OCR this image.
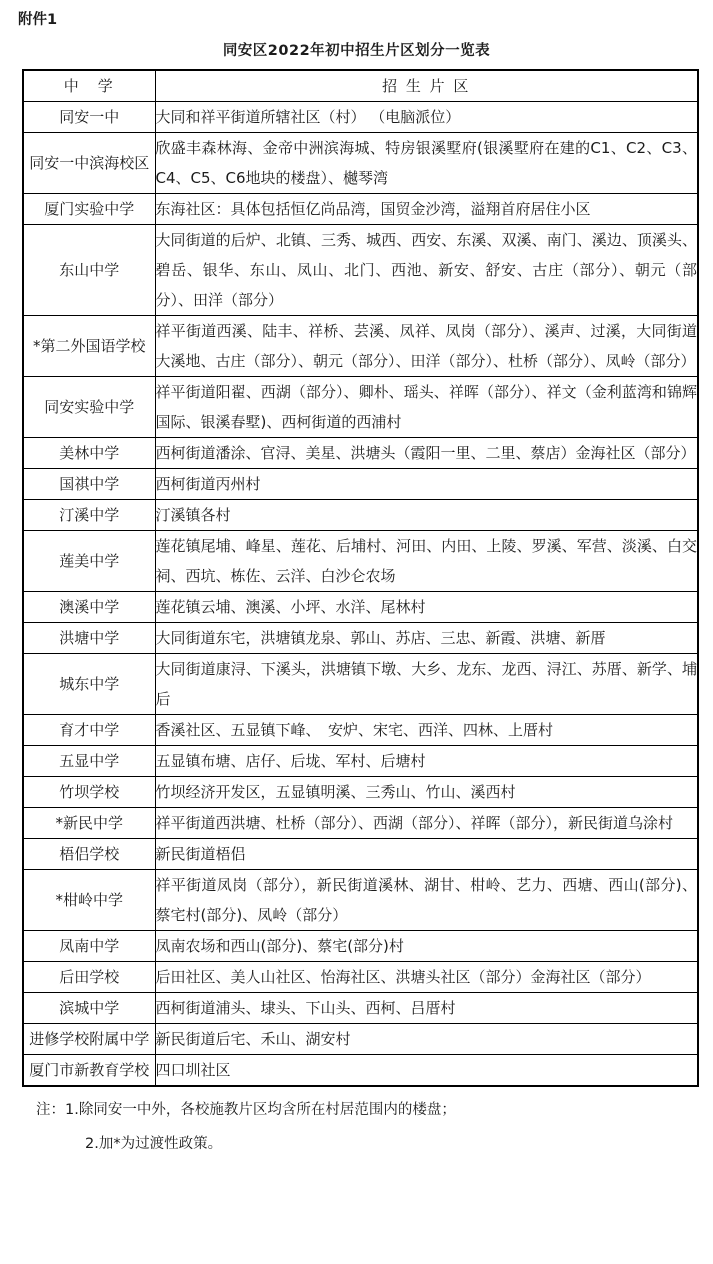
附件1
同安区2022年初中招生片区划分一览表
中　学	招 生 片 区
同安一中	大同和祥平街道所辖社区（村） （电脑派位）
同安一中滨海校区	欣盛丰森林海、金帝中洲滨海城、特房银溪墅府(银溪墅府在建的C1、C2、C3、C4、C5、C6地块的楼盘）、樾琴湾
厦门实验中学	东海社区：具体包括恒亿尚品湾，国贸金沙湾，溢翔首府居住小区
东山中学	大同街道的后炉、北镇、三秀、城西、西安、东溪、双溪、南门、溪边、顶溪头、碧岳、银华、东山、凤山、北门、西池、新安、舒安、古庄（部分）、朝元（部分）、田洋（部分）
*第二外国语学校	祥平街道西溪、陆丰、祥桥、芸溪、凤祥、凤岗（部分）、溪声、过溪，大同街道大溪地、古庄（部分）、朝元（部分）、田洋（部分）、杜桥（部分）、凤岭（部分）
同安实验中学	祥平街道阳翟、西湖（部分）、卿朴、瑶头、祥晖（部分）、祥文（金利蓝湾和锦辉国际、银溪春墅)、西柯街道的西浦村
美林中学	西柯街道潘涂、官浔、美星、洪塘头（霞阳一里、二里、蔡店）金海社区（部分）
国祺中学	西柯街道丙州村
汀溪中学	汀溪镇各村
莲美中学	莲花镇尾埔、峰星、莲花、后埔村、河田、内田、上陵、罗溪、军营、淡溪、白交祠、西坑、栋佐、云洋、白沙仑农场
澳溪中学	莲花镇云埔、澳溪、小坪、水洋、尾林村
洪塘中学	大同街道东宅，洪塘镇龙泉、郭山、苏店、三忠、新霞、洪塘、新厝
城东中学	大同街道康浔、下溪头，洪塘镇下墩、大乡、龙东、龙西、浔江、苏厝、新学、埔后
育才中学	香溪社区、五显镇下峰、　安炉、宋宅、西洋、四林、上厝村
五显中学	五显镇布塘、店仔、后垅、军村、后塘村
竹坝学校	竹坝经济开发区，五显镇明溪、三秀山、竹山、溪西村
*新民中学	祥平街道西洪塘、杜桥（部分）、西湖（部分）、祥晖（部分），新民街道乌涂村
梧侣学校	新民街道梧侣
*柑岭中学	祥平街道凤岗（部分），新民街道溪林、湖甘、柑岭、艺力、西塘、西山(部分)、蔡宅村(部分)、凤岭（部分）
凤南中学	凤南农场和西山(部分)、蔡宅(部分)村
后田学校	后田社区、美人山社区、怡海社区、洪塘头社区（部分）金海社区（部分）
滨城中学	西柯街道浦头、埭头、下山头、西柯、吕厝村
进修学校附属中学	新民街道后宅、禾山、湖安村
厦门市新教育学校	四口圳社区
注：1.除同安一中外，各校施教片区均含所在村居范围内的楼盘；
2.加*为过渡性政策。
